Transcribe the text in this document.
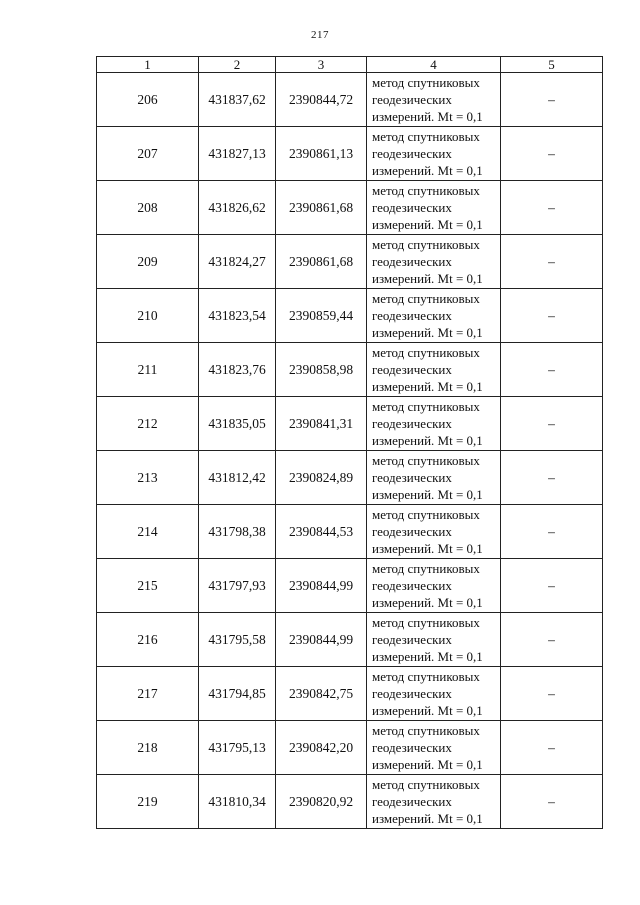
217
1	2	3	4	5
206	431837,62	2390844,72	метод спутниковых
геодезических
измерений. Mt = 0,1	–
207	431827,13	2390861,13	метод спутниковых
геодезических
измерений. Mt = 0,1	–
208	431826,62	2390861,68	метод спутниковых
геодезических
измерений. Mt = 0,1	–
209	431824,27	2390861,68	метод спутниковых
геодезических
измерений. Mt = 0,1	–
210	431823,54	2390859,44	метод спутниковых
геодезических
измерений. Mt = 0,1	–
211	431823,76	2390858,98	метод спутниковых
геодезических
измерений. Mt = 0,1	–
212	431835,05	2390841,31	метод спутниковых
геодезических
измерений. Mt = 0,1	–
213	431812,42	2390824,89	метод спутниковых
геодезических
измерений. Mt = 0,1	–
214	431798,38	2390844,53	метод спутниковых
геодезических
измерений. Mt = 0,1	–
215	431797,93	2390844,99	метод спутниковых
геодезических
измерений. Mt = 0,1	–
216	431795,58	2390844,99	метод спутниковых
геодезических
измерений. Mt = 0,1	–
217	431794,85	2390842,75	метод спутниковых
геодезических
измерений. Mt = 0,1	–
218	431795,13	2390842,20	метод спутниковых
геодезических
измерений. Mt = 0,1	–
219	431810,34	2390820,92	метод спутниковых
геодезических
измерений. Mt = 0,1	–
